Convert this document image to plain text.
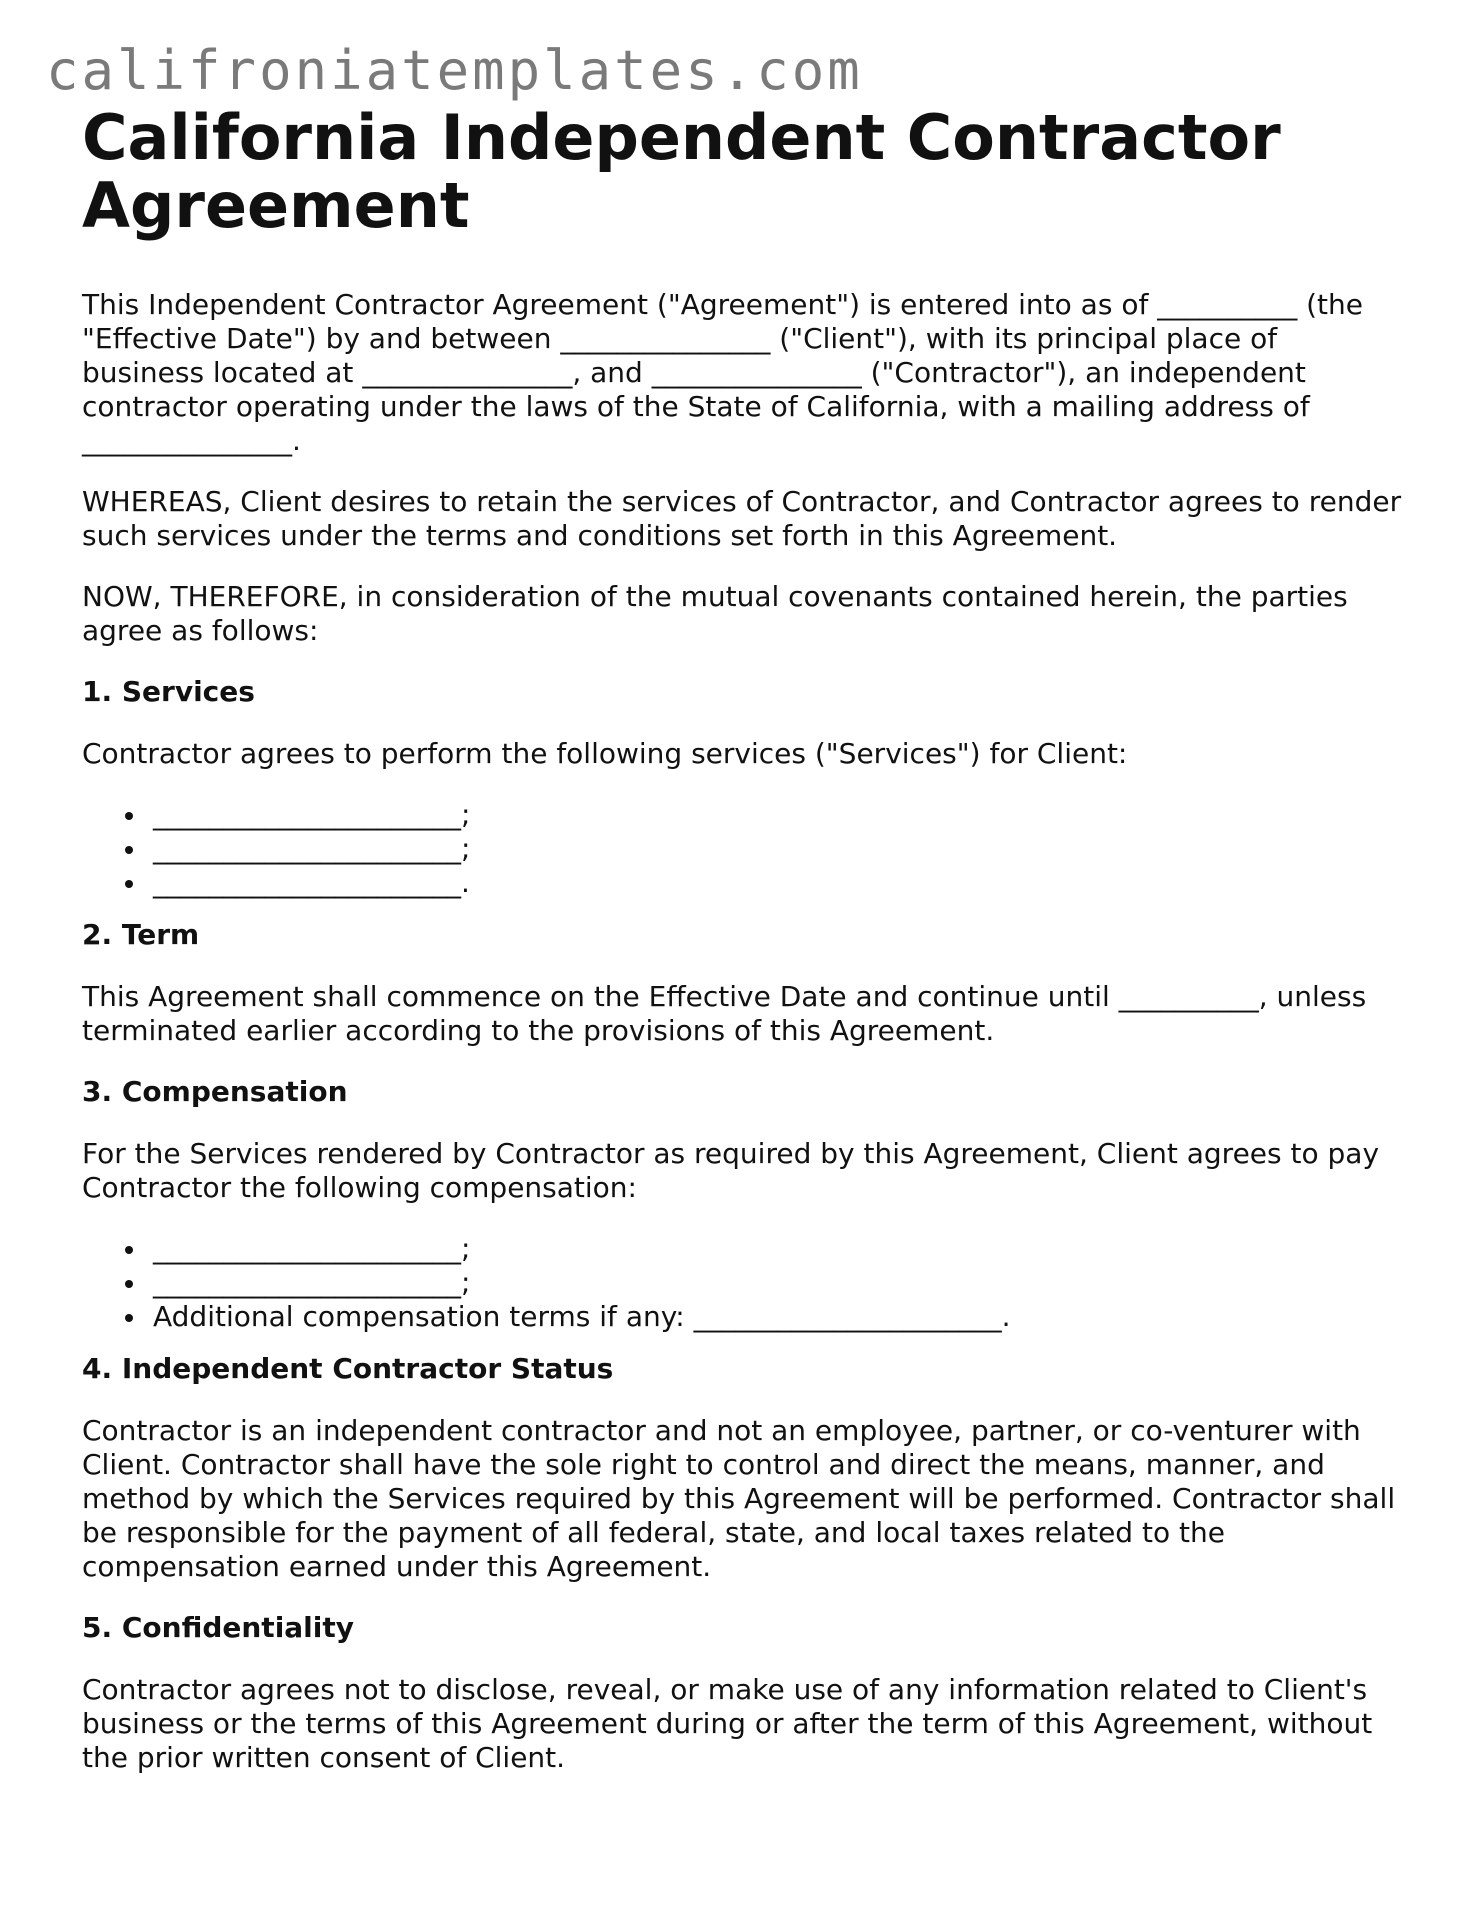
califroniatemplates.com
California Independent Contractor Agreement

This Independent Contractor Agreement ("Agreement") is entered into as of __________ (the "Effective Date") by and between _______________ ("Client"), with its principal place of business located at _______________, and _______________ ("Contractor"), an independent contractor operating under the laws of the State of California, with a mailing address of _______________.

WHEREAS, Client desires to retain the services of Contractor, and Contractor agrees to render such services under the terms and conditions set forth in this Agreement.

NOW, THEREFORE, in consideration of the mutual covenants contained herein, the parties agree as follows:

1. Services

Contractor agrees to perform the following services ("Services") for Client:

______________________;
______________________;
______________________.
2. Term

This Agreement shall commence on the Effective Date and continue until __________, unless terminated earlier according to the provisions of this Agreement.

3. Compensation

For the Services rendered by Contractor as required by this Agreement, Client agrees to pay Contractor the following compensation:

______________________;
______________________;
Additional compensation terms if any: ______________________.
4. Independent Contractor Status

Contractor is an independent contractor and not an employee, partner, or co-venturer with Client. Contractor shall have the sole right to control and direct the means, manner, and method by which the Services required by this Agreement will be performed. Contractor shall be responsible for the payment of all federal, state, and local taxes related to the compensation earned under this Agreement.

5. Confidentiality

Contractor agrees not to disclose, reveal, or make use of any information related to Client's business or the terms of this Agreement during or after the term of this Agreement, without the prior written consent of Client.
